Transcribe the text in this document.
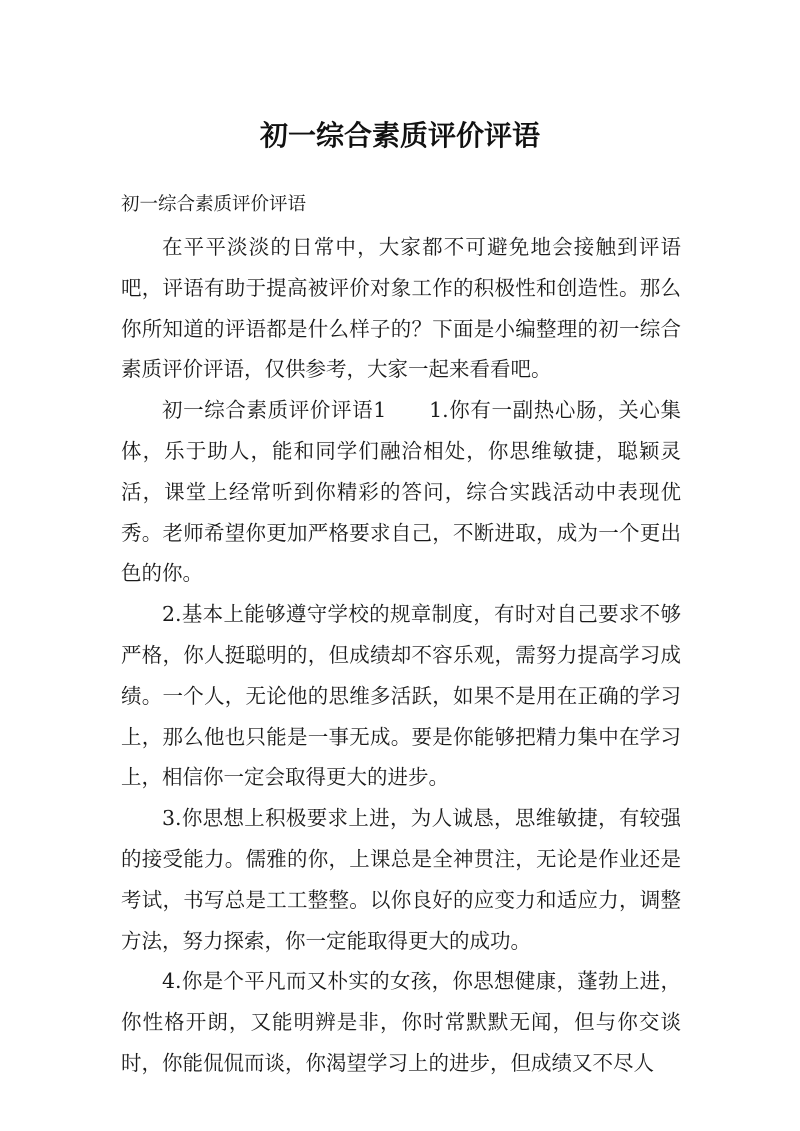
初一综合素质评价评语

初一综合素质评价评语

在平平淡淡的日常中，大家都不可避免地会接触到评语吧，评语有助于提高被评价对象工作的积极性和创造性。那么你所知道的评语都是什么样子的？下面是小编整理的初一综合素质评价评语，仅供参考，大家一起来看看吧。

初一综合素质评价评语1　　1.你有一副热心肠，关心集体，乐于助人，能和同学们融洽相处，你思维敏捷，聪颖灵活，课堂上经常听到你精彩的答问，综合实践活动中表现优秀。老师希望你更加严格要求自己，不断进取，成为一个更出色的你。

2.基本上能够遵守学校的规章制度，有时对自己要求不够严格，你人挺聪明的，但成绩却不容乐观，需努力提高学习成绩。一个人，无论他的思维多活跃，如果不是用在正确的学习上，那么他也只能是一事无成。要是你能够把精力集中在学习上，相信你一定会取得更大的进步。

3.你思想上积极要求上进，为人诚恳，思维敏捷，有较强的接受能力。儒雅的你，上课总是全神贯注，无论是作业还是考试，书写总是工工整整。以你良好的应变力和适应力，调整方法，努力探索，你一定能取得更大的成功。

4.你是个平凡而又朴实的女孩，你思想健康，蓬勃上进，你性格开朗，又能明辨是非，你时常默默无闻，但与你交谈时，你能侃侃而谈，你渴望学习上的进步，但成绩又不尽人
